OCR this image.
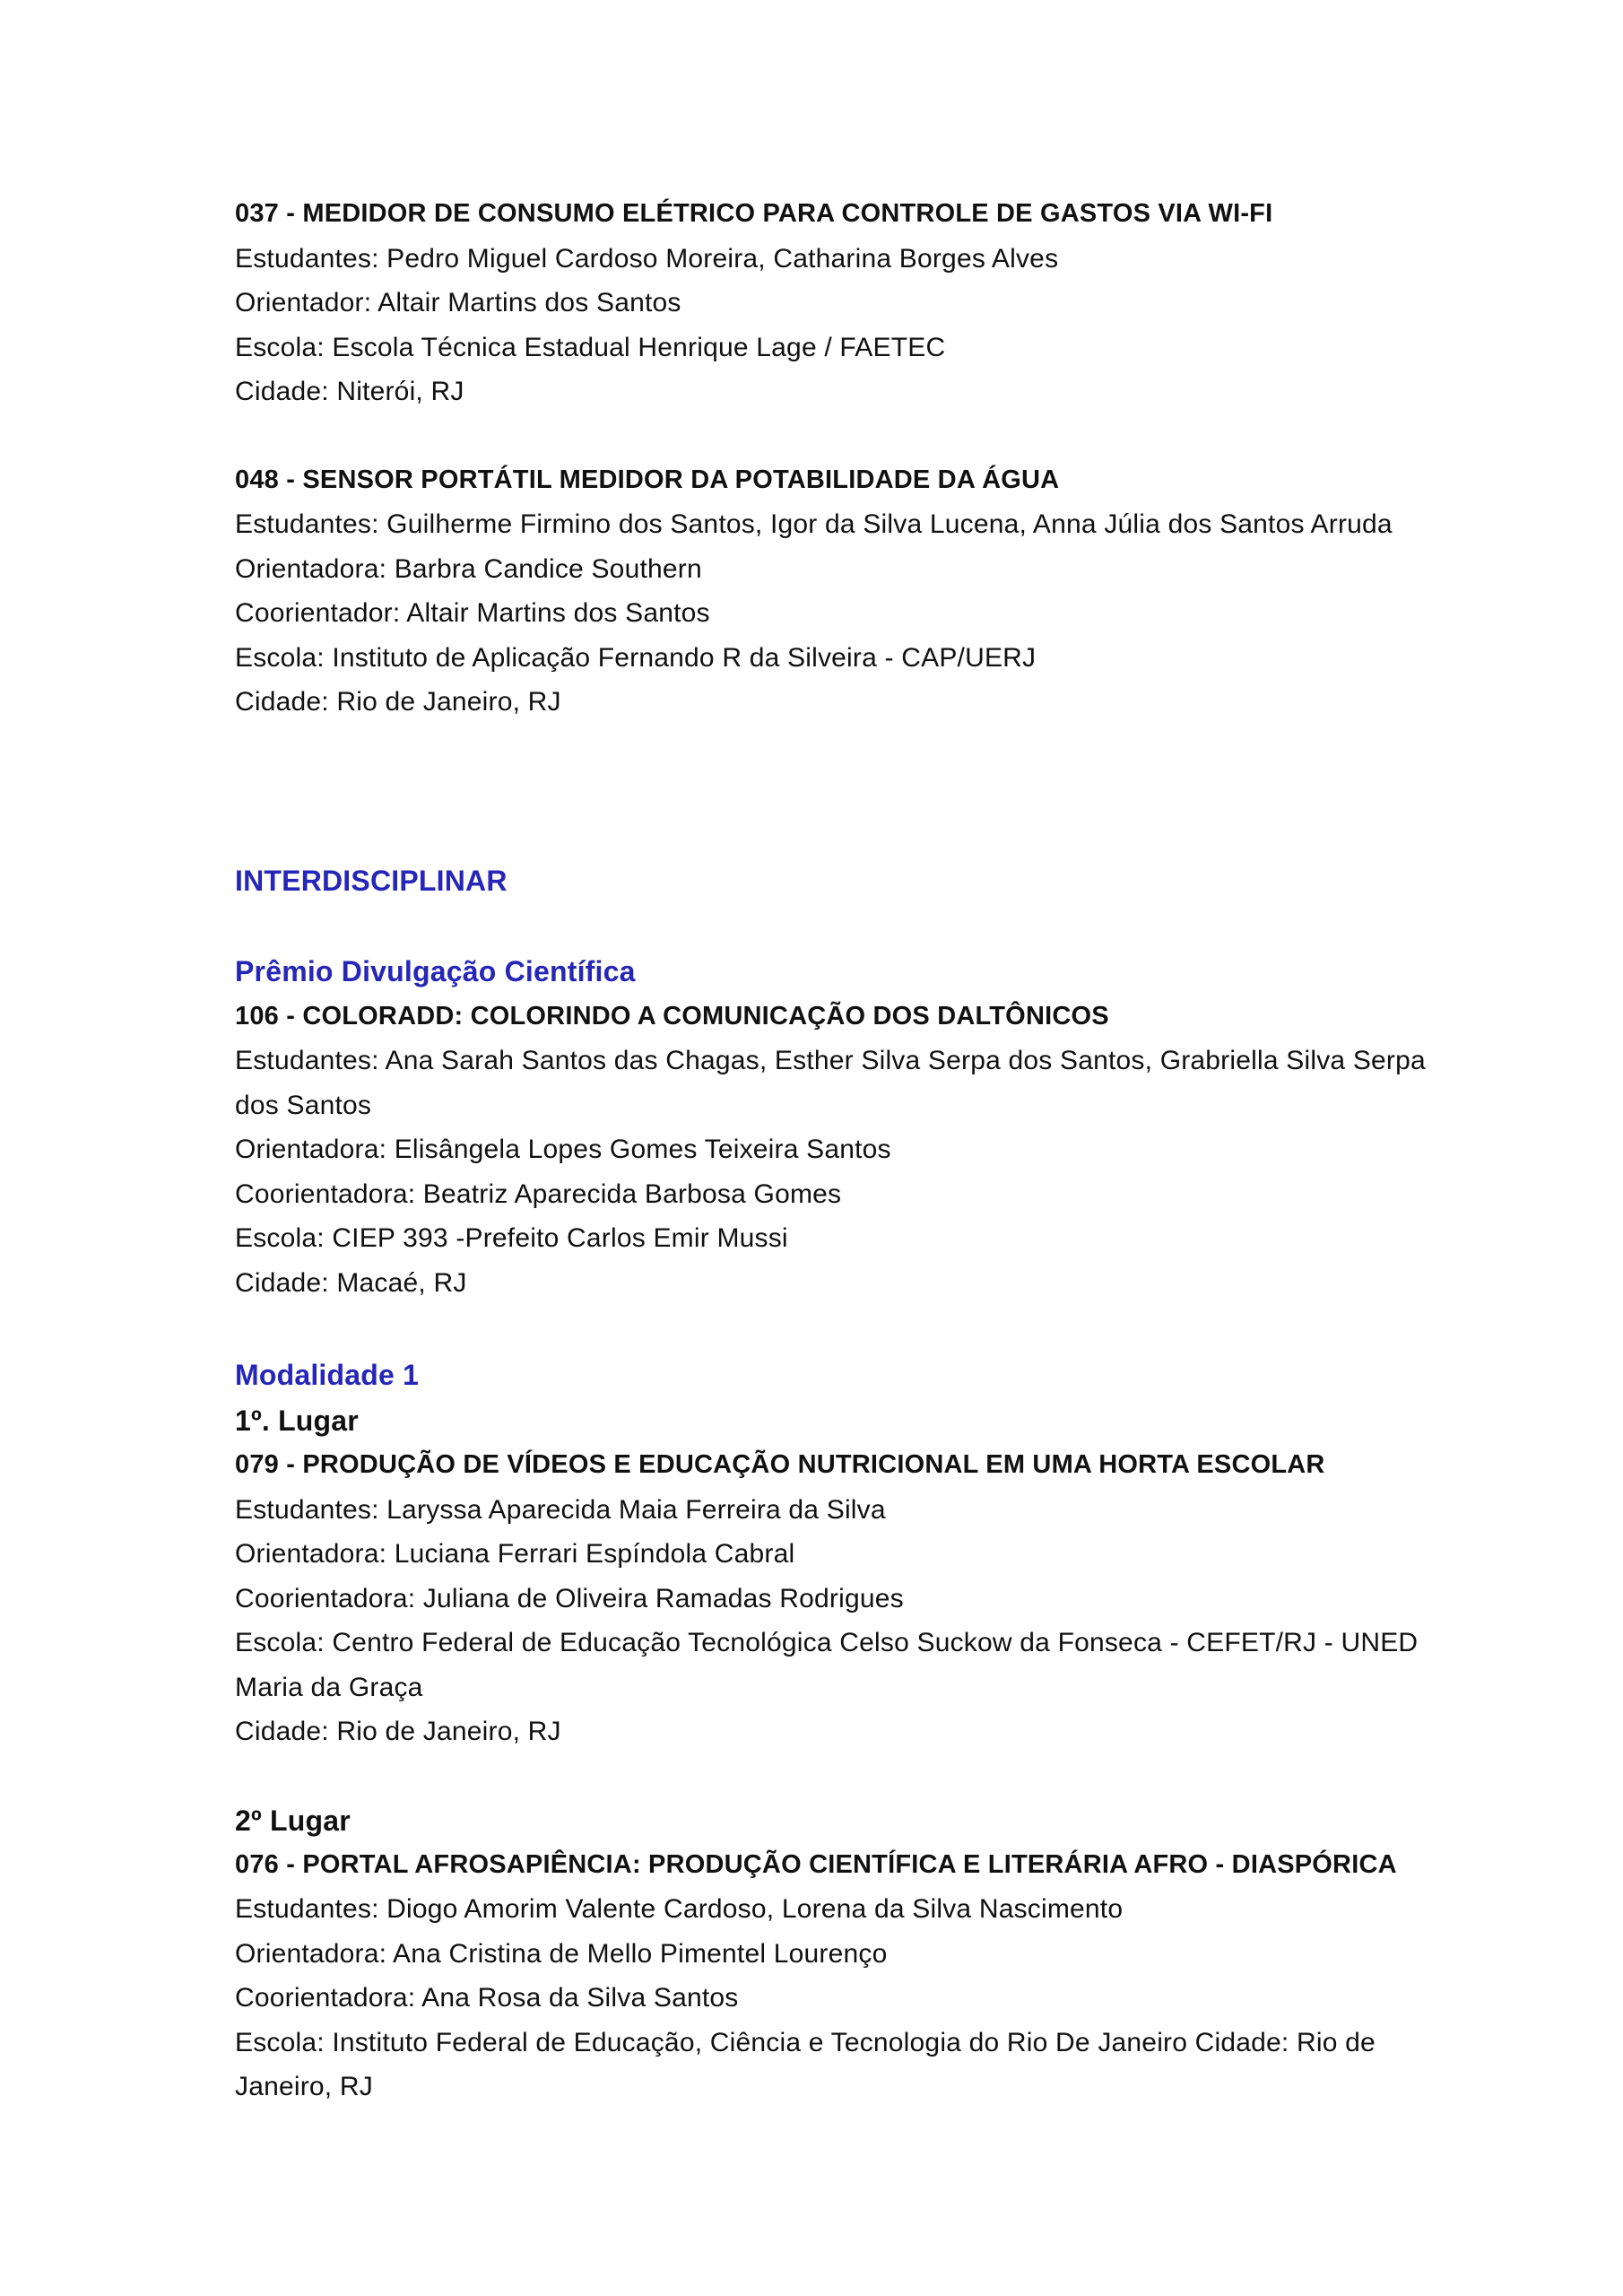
037 - MEDIDOR DE CONSUMO ELÉTRICO PARA CONTROLE DE GASTOS VIA WI-FI
Estudantes: Pedro Miguel Cardoso Moreira, Catharina Borges Alves
Orientador: Altair Martins dos Santos
Escola: Escola Técnica Estadual Henrique Lage / FAETEC
Cidade: Niterói, RJ
048 - SENSOR PORTÁTIL MEDIDOR DA POTABILIDADE DA ÁGUA
Estudantes: Guilherme Firmino dos Santos, Igor da Silva Lucena, Anna Júlia dos Santos Arruda
Orientadora: Barbra Candice Southern
Coorientador: Altair Martins dos Santos
Escola: Instituto de Aplicação Fernando R da Silveira - CAP/UERJ
Cidade: Rio de Janeiro, RJ
INTERDISCIPLINAR
Prêmio Divulgação Científica
106 - COLORADD: COLORINDO A COMUNICAÇÃO DOS DALTÔNICOS
Estudantes: Ana Sarah Santos das Chagas, Esther Silva Serpa dos Santos, Grabriella Silva Serpa
dos Santos
Orientadora: Elisângela Lopes Gomes Teixeira Santos
Coorientadora: Beatriz Aparecida Barbosa Gomes
Escola: CIEP 393 -Prefeito Carlos Emir Mussi
Cidade: Macaé, RJ
Modalidade 1
1º. Lugar
079 - PRODUÇÃO DE VÍDEOS E EDUCAÇÃO NUTRICIONAL EM UMA HORTA ESCOLAR
Estudantes: Laryssa Aparecida Maia Ferreira da Silva
Orientadora: Luciana Ferrari Espíndola Cabral
Coorientadora: Juliana de Oliveira Ramadas Rodrigues
Escola: Centro Federal de Educação Tecnológica Celso Suckow da Fonseca - CEFET/RJ - UNED
Maria da Graça
Cidade: Rio de Janeiro, RJ
2º Lugar
076 - PORTAL AFROSAPIÊNCIA: PRODUÇÃO CIENTÍFICA E LITERÁRIA AFRO - DIASPÓRICA
Estudantes: Diogo Amorim Valente Cardoso, Lorena da Silva Nascimento
Orientadora: Ana Cristina de Mello Pimentel Lourenço
Coorientadora: Ana Rosa da Silva Santos
Escola: Instituto Federal de Educação, Ciência e Tecnologia do Rio De Janeiro Cidade: Rio de
Janeiro, RJ
